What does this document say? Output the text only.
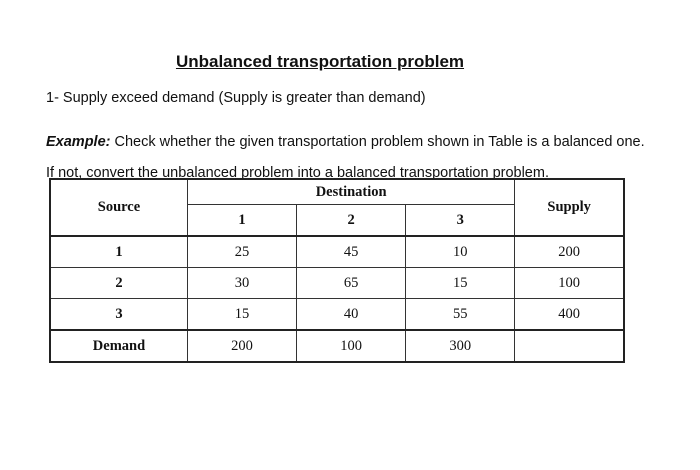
Unbalanced transportation problem
1- Supply exceed demand (Supply is greater than demand)
Example: Check whether the given transportation problem shown in Table is a balanced one. If not, convert the unbalanced problem into a balanced transportation problem.
Source	Destination			Supply
	1	2	3	
1	25	45	10	200
2	30	65	15	100
3	15	40	55	400
Demand	200	100	300	
